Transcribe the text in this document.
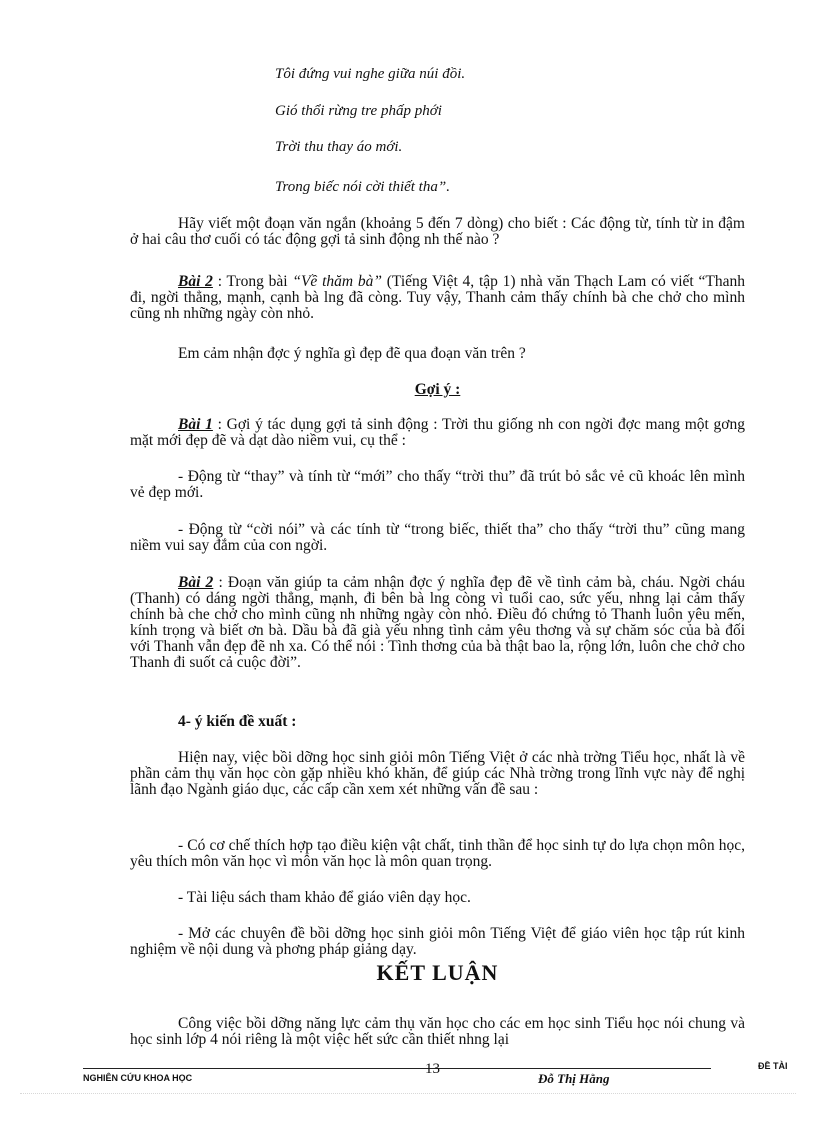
Tôi đứng vui nghe giữa núi đồi.
Gió thổi rừng tre phấp phới
Trời thu thay áo mới.
Trong biếc nói cời thiết tha”.
Hãy viết một đoạn văn ngắn (khoảng 5 đến 7 dòng) cho biết : Các động từ, tính từ in đậm ở hai câu thơ cuối có tác động gợi tả sinh động nh thế nào ?
Bài 2 : Trong bài “Về thăm bà” (Tiếng Việt 4, tập 1) nhà văn Thạch Lam có viết “Thanh đi, ngời thẳng, mạnh, cạnh bà lng đã còng. Tuy vậy, Thanh cảm thấy chính bà che chở cho mình cũng nh những ngày còn nhỏ.
Em cảm nhận đợc ý nghĩa gì đẹp đẽ qua đoạn văn trên ?
Gợi ý :
Bài 1 : Gợi ý tác dụng gợi tả sinh động : Trời thu giống nh con ngời đợc mang một gơng mặt mới đẹp đẽ và dạt dào niềm vui, cụ thể :
- Động từ “thay” và tính từ “mới” cho thấy “trời thu” đã trút bỏ sắc vẻ cũ khoác lên mình vẻ đẹp mới.
- Động từ “cời nói” và các tính từ “trong biếc, thiết tha” cho thấy “trời thu” cũng mang niềm vui say đắm của con ngời.
Bài 2 : Đoạn văn giúp ta cảm nhận đợc ý nghĩa đẹp đẽ về tình cảm bà, cháu. Ngời cháu (Thanh) có dáng ngời thẳng, mạnh, đi bên bà lng còng vì tuổi cao, sức yếu, nhng lại cảm thấy chính bà che chở cho mình cũng nh những ngày còn nhỏ. Điều đó chứng tỏ Thanh luôn yêu mến, kính trọng và biết ơn bà. Dầu bà đã già yếu nhng tình cảm yêu thơng và sự chăm sóc của bà đối với Thanh vẫn đẹp đẽ nh xa. Có thể nói : Tình thơng của bà thật bao la, rộng lớn, luôn che chở cho Thanh đi suốt cả cuộc đời”.
4- ý kiến đề xuất :
Hiện nay, việc bồi dỡng học sinh giỏi môn Tiếng Việt ở các nhà trờng Tiểu học, nhất là về phần cảm thụ văn học còn gặp nhiều khó khăn, để giúp các Nhà trờng trong lĩnh vực này để nghị lãnh đạo Ngành giáo dục, các cấp cần xem xét những vấn đề sau :
- Có cơ chế thích hợp tạo điều kiện vật chất, tinh thần để học sinh tự do lựa chọn môn học, yêu thích môn văn học vì môn văn học là môn quan trọng.
- Tài liệu sách tham khảo để giáo viên dạy học.
- Mở các chuyên đề bồi dỡng học sinh giỏi môn Tiếng Việt để giáo viên học tập rút kinh nghiệm về nội dung và phơng pháp giảng dạy.
KẾT LUẬN
Công việc bồi dỡng năng lực cảm thụ văn học cho các em học sinh Tiểu học nói chung và học sinh lớp 4 nói riêng là một việc hết sức cần thiết nhng lại
NGHIÊN CỨU KHOA HỌC
13
Đỗ Thị Hằng
ĐỀ TÀI
